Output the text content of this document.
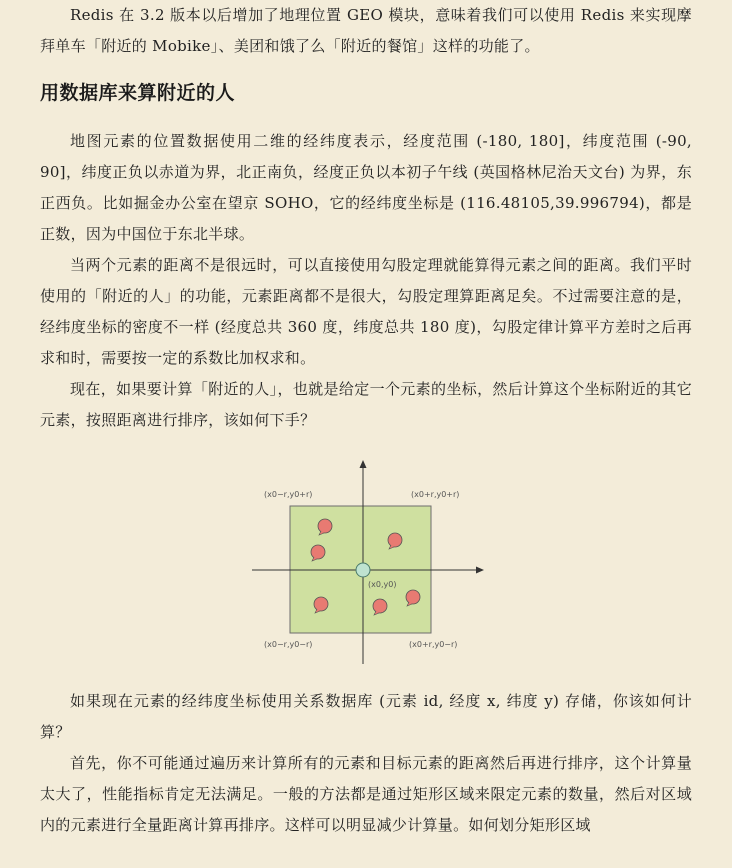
Redis 在 3.2 版本以后增加了地理位置 GEO 模块，意味着我们可以使用 Redis 来实现摩拜单车「附近的 Mobike」、美团和饿了么「附近的餐馆」这样的功能了。

用数据库来算附近的人

地图元素的位置数据使用二维的经纬度表示，经度范围 (-180, 180]，纬度范围 (-90, 90]，纬度正负以赤道为界，北正南负，经度正负以本初子午线 (英国格林尼治天文台) 为界，东正西负。比如掘金办公室在望京 SOHO，它的经纬度坐标是 (116.48105,39.996794)，都是正数，因为中国位于东北半球。

当两个元素的距离不是很远时，可以直接使用勾股定理就能算得元素之间的距离。我们平时使用的「附近的人」的功能，元素距离都不是很大，勾股定理算距离足矣。不过需要注意的是，经纬度坐标的密度不一样 (经度总共 360 度，纬度总共 180 度)，勾股定律计算平方差时之后再求和时，需要按一定的系数比加权求和。

现在，如果要计算「附近的人」，也就是给定一个元素的坐标，然后计算这个坐标附近的其它元素，按照距离进行排序，该如何下手？

(x0−r,y0+r)	(x0+r,y0+r)
(x0,y0)
(x0−r,y0−r)	(x0+r,y0−r)

如果现在元素的经纬度坐标使用关系数据库 (元素 id, 经度 x, 纬度 y) 存储，你该如何计算？

首先，你不可能通过遍历来计算所有的元素和目标元素的距离然后再进行排序，这个计算量太大了，性能指标肯定无法满足。一般的方法都是通过矩形区域来限定元素的数量，然后对区域内的元素进行全量距离计算再排序。这样可以明显减少计算量。如何划分矩形区域
